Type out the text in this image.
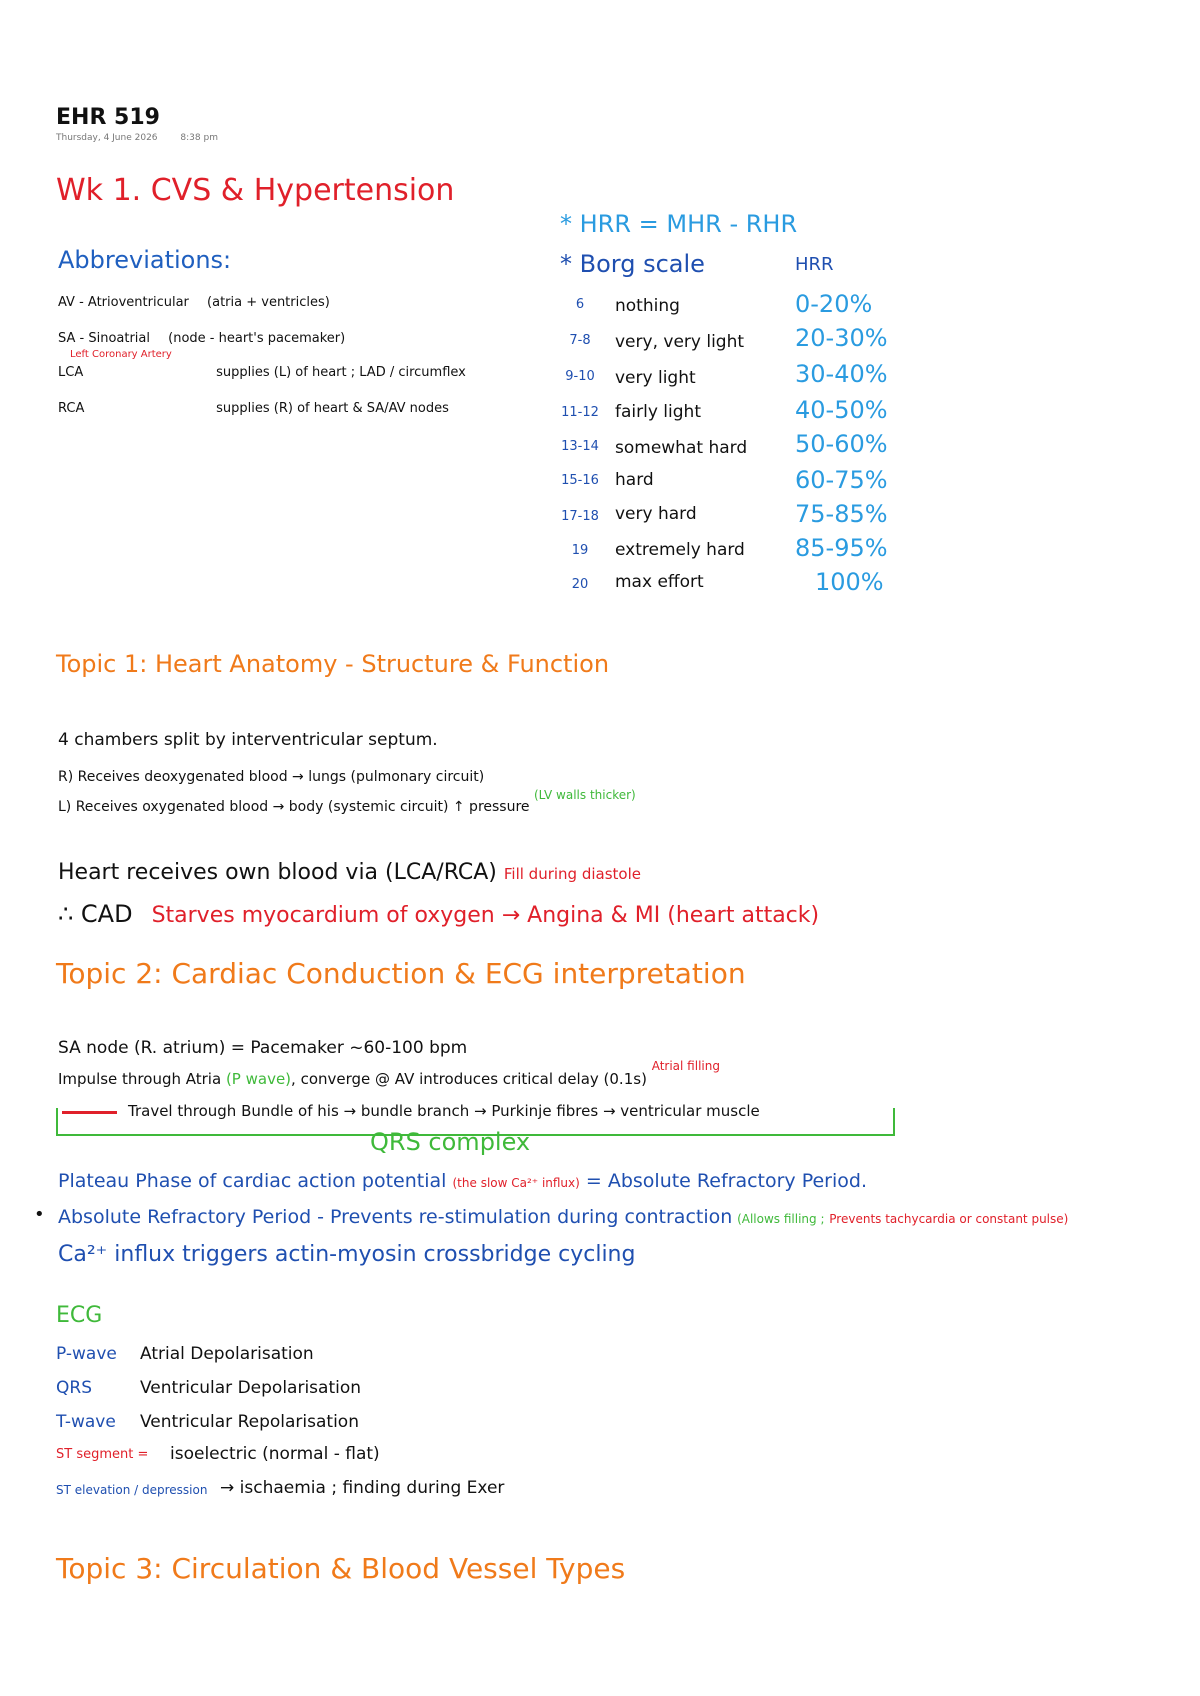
EHR 519
Thursday, 4 June 2026	8:38 pm
Wk 1. CVS & Hypertension
Abbreviations:
AV - Atrioventricular (atria + ventricles)
SA - Sinoatrial (node - heart's pacemaker)
Left Coronary Artery
LCA	supplies (L) of heart ; LAD / circumflex
RCA	supplies (R) of heart & SA/AV nodes
* HRR = MHR - RHR
* Borg scale	HRR
6	nothing	0-20%
7-8	very, very light 20-30%
9-10	very light	30-40%
11-12 fairly light	40-50%
13-14 somewhat hard 50-60%
15-16 hard	60-75%
17-18 very hard	75-85%
19	extremely hard 85-95%
20	max effort	100%
Topic 1: Heart Anatomy - Structure & Function
4 chambers split by interventricular septum.
R) Receives deoxygenated blood → lungs (pulmonary circuit)
L) Receives oxygenated blood → body (systemic circuit) ↑ pressure (LV walls thicker)
Heart receives own blood via (LCA/RCA) Fill during diastole
∴ CAD Starves myocardium of oxygen → Angina & MI (heart attack)
Topic 2: Cardiac Conduction & ECG interpretation
SA node (R. atrium) = Pacemaker ~60-100 bpm
Impulse through Atria (P wave), converge @ AV introduces critical delay (0.1s) $^{Atrial filling}$
Travel through Bundle of his → bundle branch → Purkinje fibres → ventricular muscle
QRS complex
Plateau Phase of cardiac action potential (the slow Ca²⁺ influx) = Absolute Refractory Period.
• Absolute Refractory Period - Prevents re-stimulation during contraction (Allows filling ; Prevents tachycardia or constant pulse)
Ca²⁺ influx triggers actin-myosin crossbridge cycling
ECG
P-wave Atrial Depolarisation
QRS	Ventricular Depolarisation
T-wave Ventricular Repolarisation
ST segment = isoelectric (normal - flat)
ST elevation / depression → ischaemia ; finding during Exer
Topic 3: Circulation & Blood Vessel Types
